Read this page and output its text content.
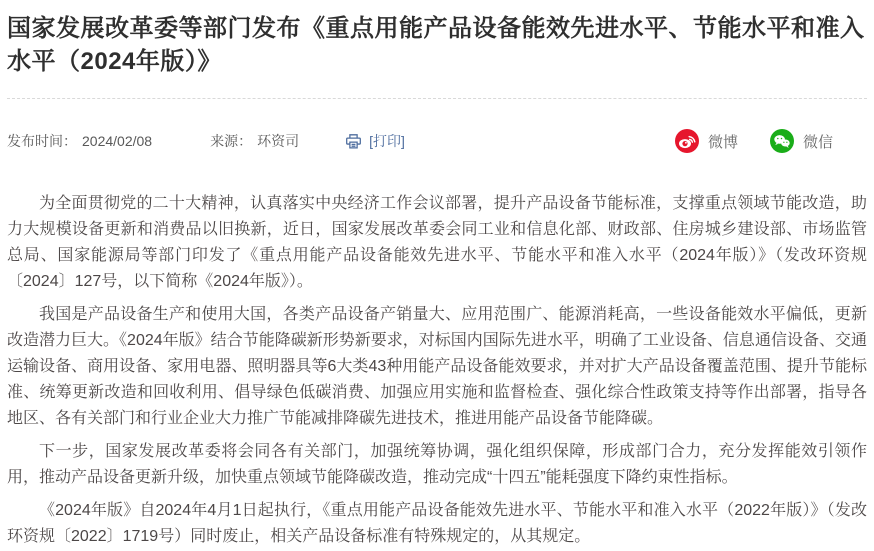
国家发展改革委等部门发布《重点用能产品设备能效先进水平、节能水平和准入水平（2024年版）》
发布时间： 2024/02/08	来源： 环资司	[打印]	微博	微信

为全面贯彻党的二十大精神，认真落实中央经济工作会议部署，提升产品设备节能标准，支撑重点领域节能改造，助力大规模设备更新和消费品以旧换新，近日，国家发展改革委会同工业和信息化部、财政部、住房城乡建设部、市场监管总局、国家能源局等部门印发了《重点用能产品设备能效先进水平、节能水平和准入水平（2024年版）》（发改环资规〔2024〕127号，以下简称《2024年版》）。

我国是产品设备生产和使用大国，各类产品设备产销量大、应用范围广、能源消耗高，一些设备能效水平偏低，更新改造潜力巨大。《2024年版》结合节能降碳新形势新要求，对标国内国际先进水平，明确了工业设备、信息通信设备、交通运输设备、商用设备、家用电器、照明器具等6大类43种用能产品设备能效要求，并对扩大产品设备覆盖范围、提升节能标准、统筹更新改造和回收利用、倡导绿色低碳消费、加强应用实施和监督检查、强化综合性政策支持等作出部署，指导各地区、各有关部门和行业企业大力推广节能减排降碳先进技术，推进用能产品设备节能降碳。

下一步，国家发展改革委将会同各有关部门，加强统筹协调，强化组织保障，形成部门合力，充分发挥能效引领作用，推动产品设备更新升级，加快重点领域节能降碳改造，推动完成“十四五”能耗强度下降约束性指标。

《2024年版》自2024年4月1日起执行，《重点用能产品设备能效先进水平、节能水平和准入水平（2022年版）》（发改环资规〔2022〕1719号）同时废止，相关产品设备标准有特殊规定的，从其规定。
